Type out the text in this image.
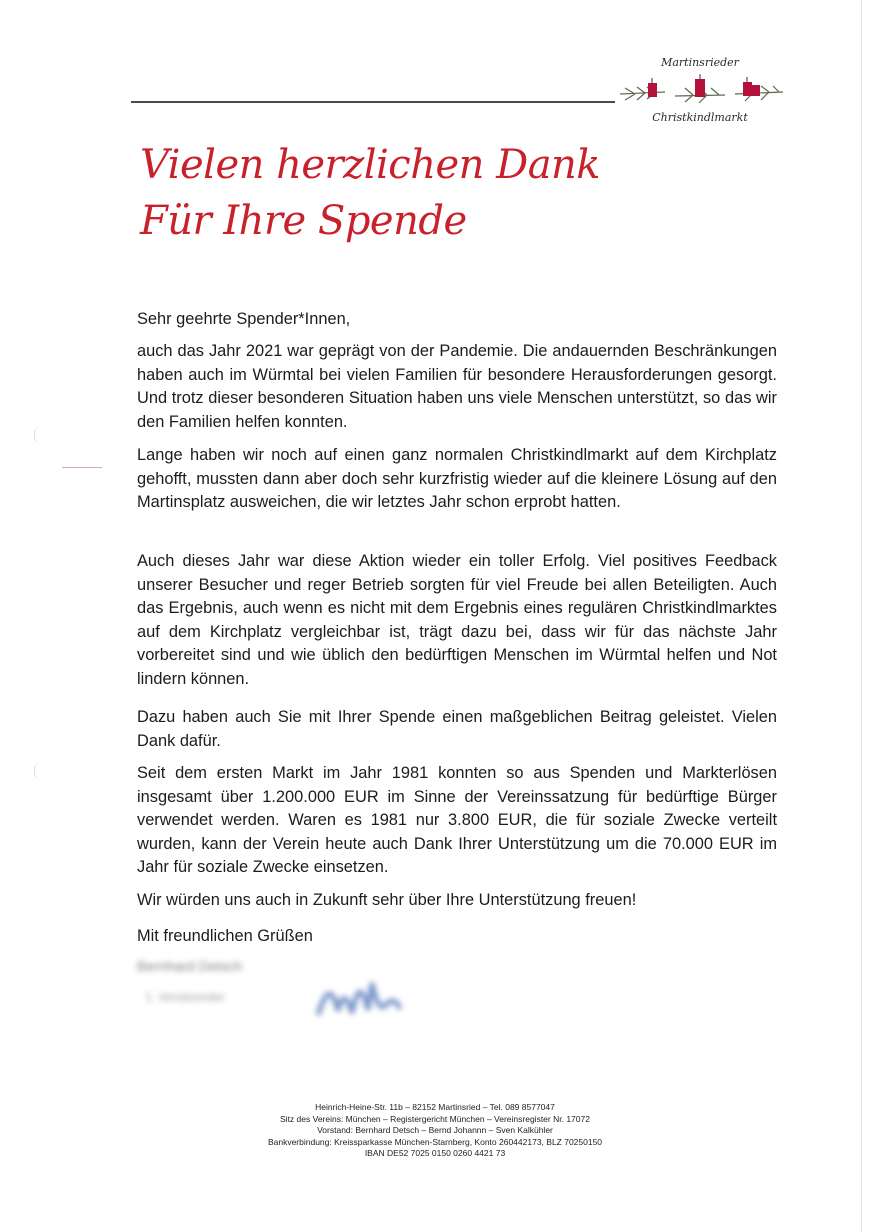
Martinsrieder
Christkindlmarkt
Vielen herzlichen Dank
Für Ihre Spende
Sehr geehrte Spender*Innen,
auch das Jahr 2021 war geprägt von der Pandemie. Die andauernden Beschränkungen haben auch im Würmtal bei vielen Familien für besondere Herausforderungen gesorgt. Und trotz dieser besonderen Situation haben uns viele Menschen unterstützt, so das wir den Familien helfen konnten.
Lange haben wir noch auf einen ganz normalen Christkindlmarkt auf dem Kirchplatz gehofft, mussten dann aber doch sehr kurzfristig wieder auf die kleinere Lösung auf den Martinsplatz ausweichen, die wir letztes Jahr schon erprobt hatten.
Auch dieses Jahr war diese Aktion wieder ein toller Erfolg. Viel positives Feedback unserer Besucher und reger Betrieb sorgten für viel Freude bei allen Beteiligten. Auch das Ergebnis, auch wenn es nicht mit dem Ergebnis eines regulären Christkindlmarktes auf dem Kirchplatz vergleichbar ist, trägt dazu bei, dass wir für das nächste Jahr vorbereitet sind und wie üblich den bedürftigen Menschen im Würmtal helfen und Not lindern können.
Dazu haben auch Sie mit Ihrer Spende einen maßgeblichen Beitrag geleistet. Vielen Dank dafür.
Seit dem ersten Markt im Jahr 1981 konnten so aus Spenden und Markterlösen insgesamt über 1.200.000 EUR im Sinne der Vereinssatzung für bedürftige Bürger verwendet werden. Waren es 1981 nur 3.800 EUR, die für soziale Zwecke verteilt wurden, kann der Verein heute auch Dank Ihrer Unterstützung um die 70.000 EUR im Jahr für soziale Zwecke einsetzen.
Wir würden uns auch in Zukunft sehr über Ihre Unterstützung freuen!
Mit freundlichen Grüßen
Bernhard Detsch
1. Vorsitzender
Heinrich-Heine-Str. 11b – 82152 Martinsried – Tel. 089 8577047
Sitz des Vereins: München – Registergericht München – Vereinsregister Nr. 17072
Vorstand: Bernhard Detsch – Bernd Johannn – Sven Kalkühler
Bankverbindung: Kreissparkasse München-Starnberg, Konto 260442173, BLZ 70250150
IBAN DE52 7025 0150 0260 4421 73
